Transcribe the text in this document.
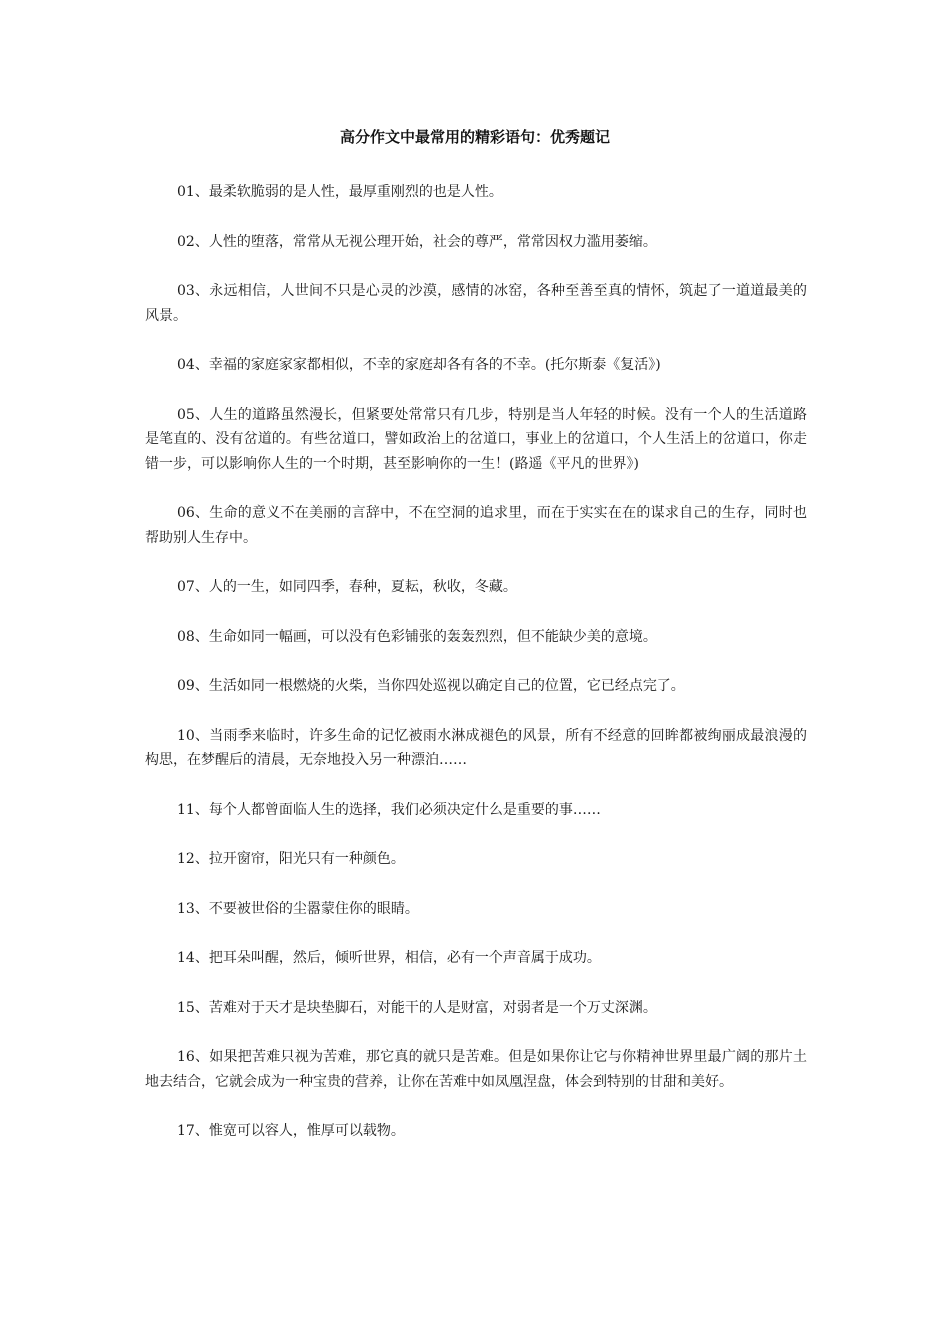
高分作文中最常用的精彩语句：优秀题记

01、最柔软脆弱的是人性，最厚重刚烈的也是人性。

02、人性的堕落，常常从无视公理开始，社会的尊严，常常因权力滥用萎缩。

03、永远相信，人世间不只是心灵的沙漠，感情的冰窑，各种至善至真的情怀，筑起了一道道最美的风景。

04、幸福的家庭家家都相似，不幸的家庭却各有各的不幸。(托尔斯泰《复活》)

05、人生的道路虽然漫长，但紧要处常常只有几步，特别是当人年轻的时候。没有一个人的生活道路是笔直的、没有岔道的。有些岔道口，譬如政治上的岔道口，事业上的岔道口，个人生活上的岔道口，你走错一步，可以影响你人生的一个时期，甚至影响你的一生！(路遥《平凡的世界》)

06、生命的意义不在美丽的言辞中，不在空洞的追求里，而在于实实在在的谋求自己的生存，同时也帮助别人生存中。

07、人的一生，如同四季，春种，夏耘，秋收，冬藏。

08、生命如同一幅画，可以没有色彩铺张的轰轰烈烈，但不能缺少美的意境。

09、生活如同一根燃烧的火柴，当你四处巡视以确定自己的位置，它已经点完了。

10、当雨季来临时，许多生命的记忆被雨水淋成褪色的风景，所有不经意的回眸都被绚丽成最浪漫的构思，在梦醒后的清晨，无奈地投入另一种漂泊……

11、每个人都曾面临人生的选择，我们必须决定什么是重要的事……

12、拉开窗帘，阳光只有一种颜色。

13、不要被世俗的尘嚣蒙住你的眼睛。

14、把耳朵叫醒，然后，倾听世界，相信，必有一个声音属于成功。

15、苦难对于天才是块垫脚石，对能干的人是财富，对弱者是一个万丈深渊。

16、如果把苦难只视为苦难，那它真的就只是苦难。但是如果你让它与你精神世界里最广阔的那片土地去结合，它就会成为一种宝贵的营养，让你在苦难中如凤凰涅盘，体会到特别的甘甜和美好。

17、惟宽可以容人，惟厚可以载物。
